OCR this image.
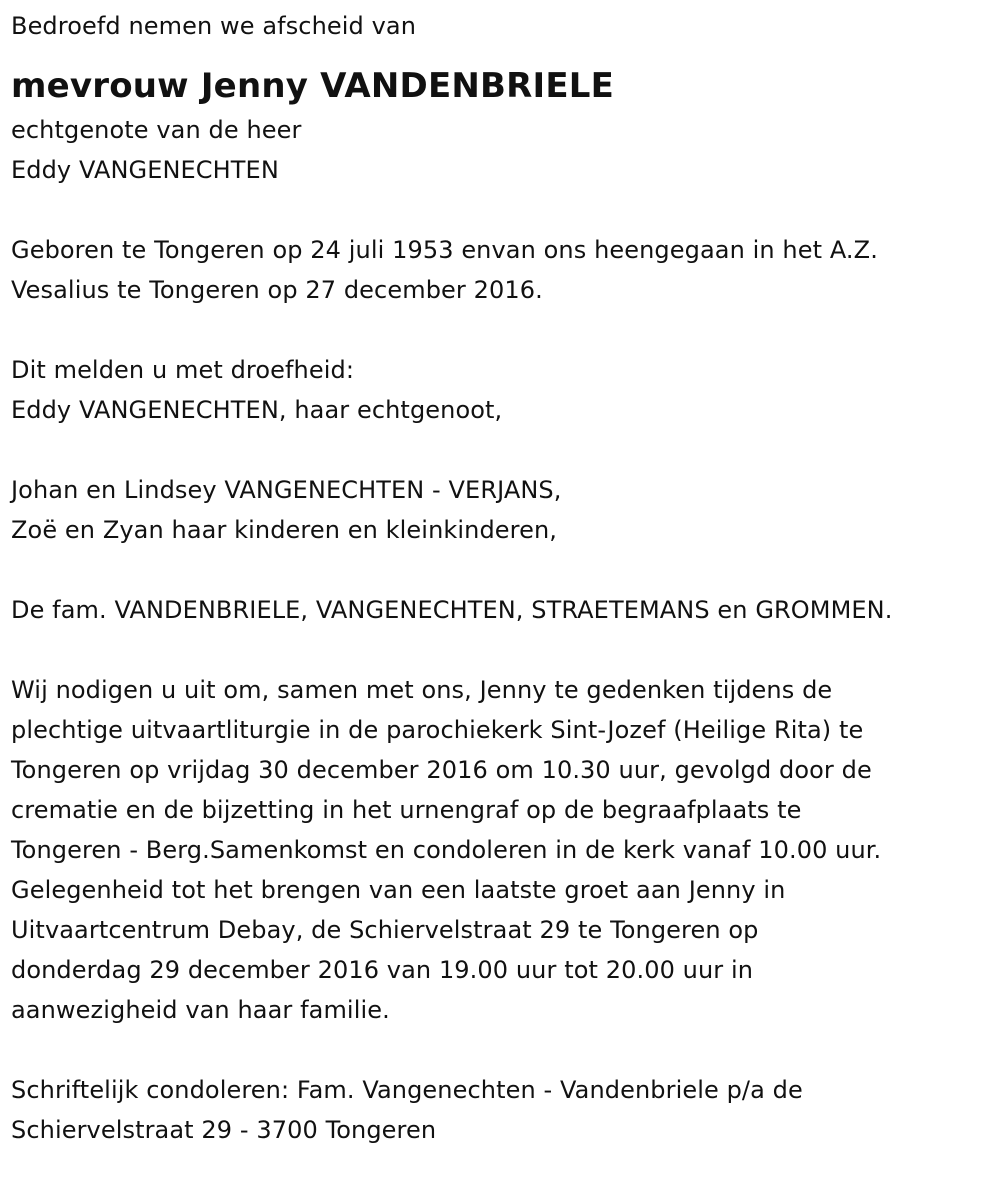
Bedroefd nemen we afscheid van
mevrouw Jenny VANDENBRIELE
echtgenote van de heer
Eddy VANGENECHTEN
Geboren te Tongeren op 24 juli 1953 envan ons heengegaan in het A.Z.
Vesalius te Tongeren op 27 december 2016.
Dit melden u met droefheid:
Eddy VANGENECHTEN, haar echtgenoot,
Johan en Lindsey VANGENECHTEN - VERJANS,
Zoë en Zyan haar kinderen en kleinkinderen,
De fam. VANDENBRIELE, VANGENECHTEN, STRAETEMANS en GROMMEN.
Wij nodigen u uit om, samen met ons, Jenny te gedenken tijdens de
plechtige uitvaartliturgie in de parochiekerk Sint-Jozef (Heilige Rita) te
Tongeren op vrijdag 30 december 2016 om 10.30 uur, gevolgd door de
crematie en de bijzetting in het urnengraf op de begraafplaats te
Tongeren - Berg.Samenkomst en condoleren in de kerk vanaf 10.00 uur.
Gelegenheid tot het brengen van een laatste groet aan Jenny in
Uitvaartcentrum Debay, de Schiervelstraat 29 te Tongeren op
donderdag 29 december 2016 van 19.00 uur tot 20.00 uur in
aanwezigheid van haar familie.
Schriftelijk condoleren: Fam. Vangenechten - Vandenbriele p/a de
Schiervelstraat 29 - 3700 Tongeren
